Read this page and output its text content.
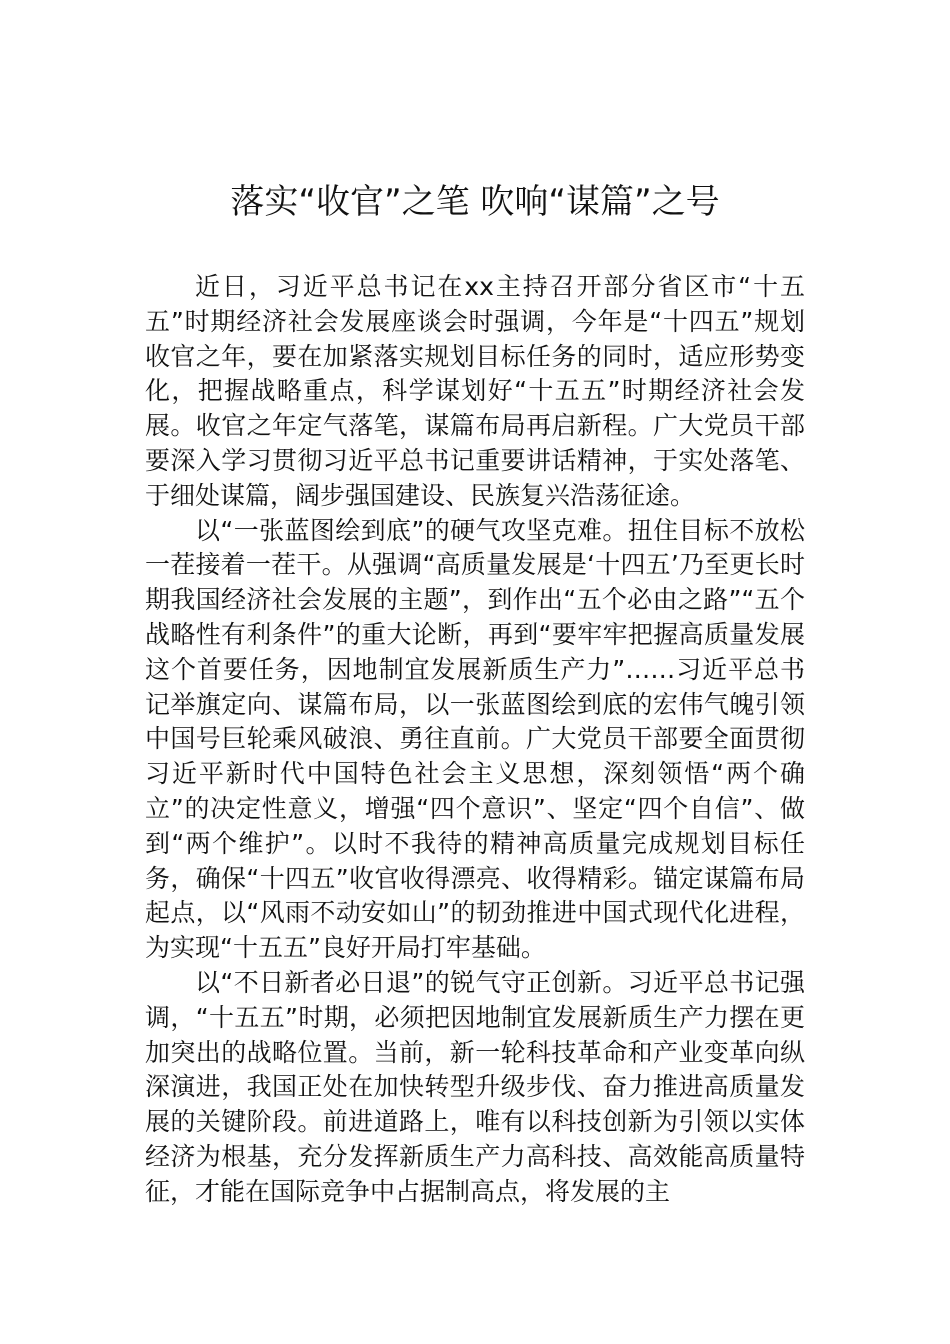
落实“收官”之笔 吹响“谋篇”之号

近日，习近平总书记在xx主持召开部分省区市“十五五”时期经济社会发展座谈会时强调，今年是“十四五”规划收官之年，要在加紧落实规划目标任务的同时，适应形势变化，把握战略重点，科学谋划好“十五五”时期经济社会发展。收官之年定气落笔，谋篇布局再启新程。广大党员干部要深入学习贯彻习近平总书记重要讲话精神，于实处落笔、于细处谋篇，阔步强国建设、民族复兴浩荡征途。

以“一张蓝图绘到底”的硬气攻坚克难。扭住目标不放松一茬接着一茬干。从强调“高质量发展是‘十四五’乃至更长时期我国经济社会发展的主题”，到作出“五个必由之路”“五个战略性有利条件”的重大论断，再到“要牢牢把握高质量发展这个首要任务，因地制宜发展新质生产力”……习近平总书记举旗定向、谋篇布局，以一张蓝图绘到底的宏伟气魄引领中国号巨轮乘风破浪、勇往直前。广大党员干部要全面贯彻习近平新时代中国特色社会主义思想，深刻领悟“两个确立”的决定性意义，增强“四个意识”、坚定“四个自信”、做到“两个维护”。以时不我待的精神高质量完成规划目标任务，确保“十四五”收官收得漂亮、收得精彩。锚定谋篇布局起点，以“风雨不动安如山”的韧劲推进中国式现代化进程，为实现“十五五”良好开局打牢基础。

以“不日新者必日退”的锐气守正创新。习近平总书记强调，“十五五”时期，必须把因地制宜发展新质生产力摆在更加突出的战略位置。当前，新一轮科技革命和产业变革向纵深演进，我国正处在加快转型升级步伐、奋力推进高质量发展的关键阶段。前进道路上，唯有以科技创新为引领以实体经济为根基，充分发挥新质生产力高科技、高效能高质量特征，才能在国际竞争中占据制高点，将发展的主
